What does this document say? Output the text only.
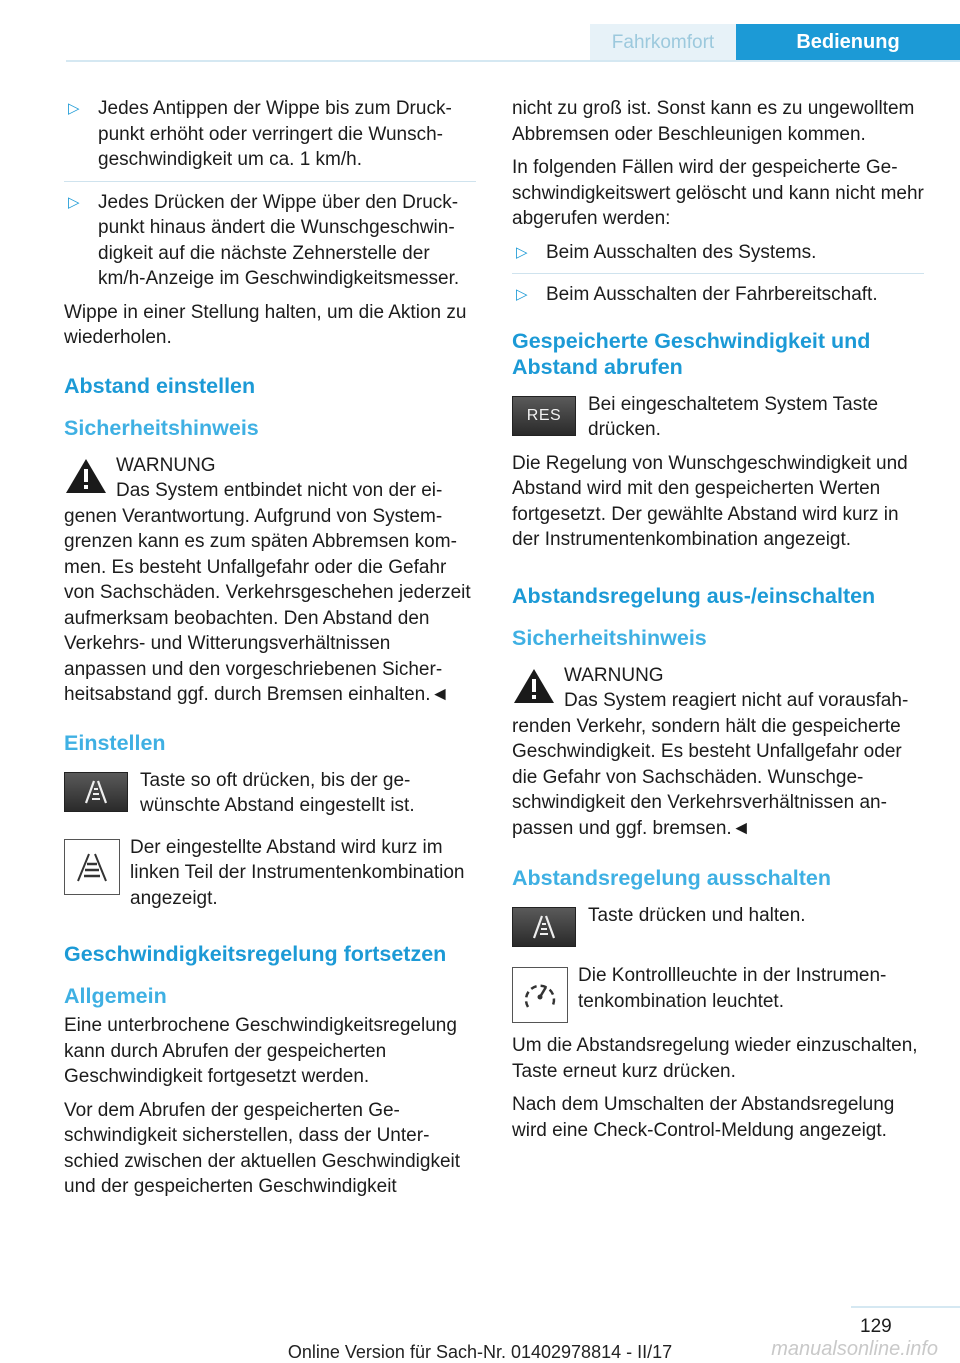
Fahrkomfort	Bedienung
▷ Jedes Antippen der Wippe bis zum Druckpunkt erhöht oder verringert die Wunschgeschwindigkeit um ca. 1 km/h.
▷ Jedes Drücken der Wippe über den Druckpunkt hinaus ändert die Wunschgeschwindigkeit auf die nächste Zehnerstelle der km/h-Anzeige im Geschwindigkeitsmesser.

Wippe in einer Stellung halten, um die Aktion zu wiederholen.

Abstand einstellen
Sicherheitshinweis
WARNUNG
Das System entbindet nicht von der eigenen Verantwortung. Aufgrund von Systemgrenzen kann es zum späten Abbremsen kommen. Es besteht Unfallgefahr oder die Gefahr von Sachschäden. Verkehrsgeschehen jederzeit aufmerksam beobachten. Den Abstand den Verkehrs- und Witterungsverhältnissen anpassen und den vorgeschriebenen Sicherheitsabstand ggf. durch Bremsen einhalten.◄
Einstellen
Taste so oft drücken, bis der gewünschte Abstand eingestellt ist.
Der eingestellte Abstand wird kurz im linken Teil der Instrumentenkombination angezeigt.
Geschwindigkeitsregelung fortsetzen
Allgemein

Eine unterbrochene Geschwindigkeitsregelung kann durch Abrufen der gespeicherten Geschwindigkeit fortgesetzt werden.

Vor dem Abrufen der gespeicherten Geschwindigkeit sicherstellen, dass der Unterschied zwischen der aktuellen Geschwindigkeit und der gespeicherten Geschwindigkeit

nicht zu groß ist. Sonst kann es zu ungewolltem Abbremsen oder Beschleunigen kommen.

In folgenden Fällen wird der gespeicherte Geschwindigkeitswert gelöscht und kann nicht mehr abgerufen werden:

▷ Beim Ausschalten des Systems.
▷ Beim Ausschalten der Fahrbereitschaft.
Gespeicherte Geschwindigkeit und Abstand abrufen
RES
Bei eingeschaltetem System Taste drücken.

Die Regelung von Wunschgeschwindigkeit und Abstand wird mit den gespeicherten Werten fortgesetzt. Der gewählte Abstand wird kurz in der Instrumentenkombination angezeigt.

Abstandsregelung aus-/einschalten
Sicherheitshinweis
WARNUNG
Das System reagiert nicht auf vorausfahrenden Verkehr, sondern hält die gespeicherte Geschwindigkeit. Es besteht Unfallgefahr oder die Gefahr von Sachschäden. Wunschgeschwindigkeit den Verkehrsverhältnissen anpassen und ggf. bremsen.◄
Abstandsregelung ausschalten
Taste drücken und halten.
Die Kontrollleuchte in der Instrumentenkombination leuchtet.

Um die Abstandsregelung wieder einzuschalten, Taste erneut kurz drücken.

Nach dem Umschalten der Abstandsregelung wird eine Check-Control-Meldung angezeigt.

129
Online Version für Sach-Nr. 01402978814 - II/17	manualsonline.info
